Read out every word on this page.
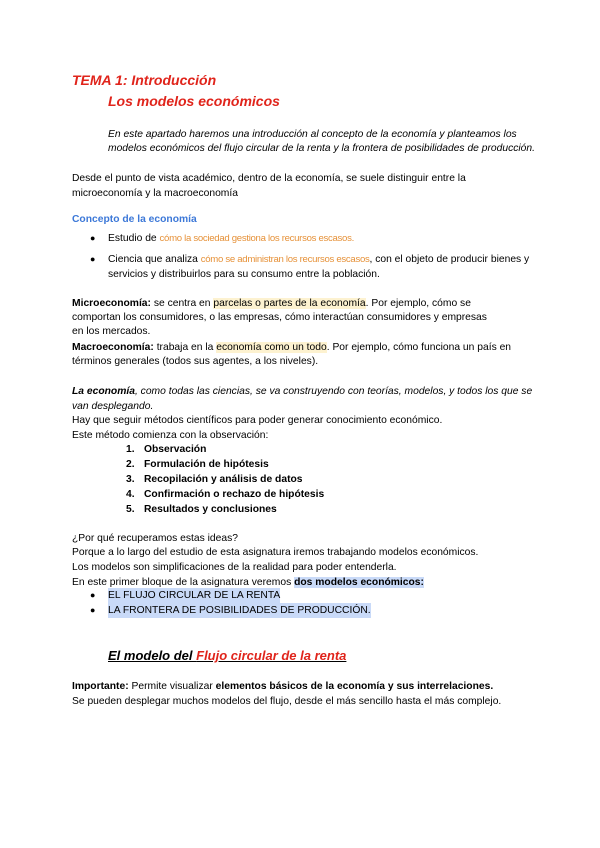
TEMA 1: Introducción
Los modelos económicos
En este apartado haremos una introducción al concepto de la economía y planteamos los
modelos económicos del flujo circular de la renta y la frontera de posibilidades de producción.
Desde el punto de vista académico, dentro de la economía, se suele distinguir entre la
microeconomía y la macroeconomía
Concepto de la economía
● Estudio de cómo la sociedad gestiona los recursos escasos.
● Ciencia que analiza cómo se administran los recursos escasos, con el objeto de producir bienes y
servicios y distribuirlos para su consumo entre la población.
Microeconomía: se centra en parcelas o partes de la economía. Por ejemplo, cómo se
comportan los consumidores, o las empresas, cómo interactúan consumidores y empresas
en los mercados.
Macroeconomía: trabaja en la economía como un todo. Por ejemplo, cómo funciona un país en
términos generales (todos sus agentes, a los niveles).
La economía, como todas las ciencias, se va construyendo con teorías, modelos, y todos los que se
van desplegando.
Hay que seguir métodos científicos para poder generar conocimiento económico.
Este método comienza con la observación:
1. Observación
2. Formulación de hipótesis
3. Recopilación y análisis de datos
4. Confirmación o rechazo de hipótesis
5. Resultados y conclusiones
¿Por qué recuperamos estas ideas?
Porque a lo largo del estudio de esta asignatura iremos trabajando modelos económicos.
Los modelos son simplificaciones de la realidad para poder entenderla.
En este primer bloque de la asignatura veremos dos modelos económicos:
● EL FLUJO CIRCULAR DE LA RENTA
● LA FRONTERA DE POSIBILIDADES DE PRODUCCIÓN.
El modelo del Flujo circular de la renta
Importante: Permite visualizar elementos básicos de la economía y sus interrelaciones.
Se pueden desplegar muchos modelos del flujo, desde el más sencillo hasta el más complejo.
